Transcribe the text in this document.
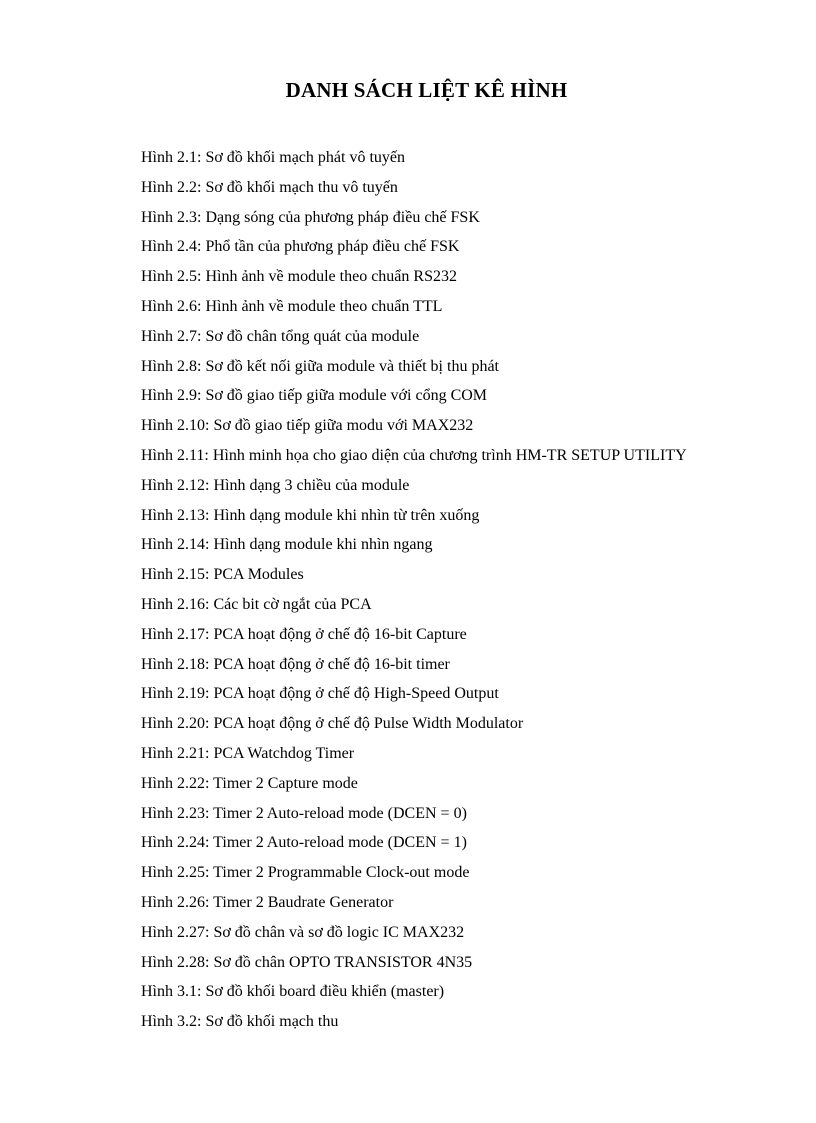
DANH SÁCH LIỆT KÊ HÌNH
Hình 2.1: Sơ đồ khối mạch phát vô tuyến
Hình 2.2: Sơ đồ khối mạch thu vô tuyến
Hình 2.3: Dạng sóng của phương pháp điều chế FSK
Hình 2.4: Phổ tần của phương pháp điều chế FSK
Hình 2.5: Hình ảnh về module theo chuẩn RS232
Hình 2.6: Hình ảnh về module theo chuẩn TTL
Hình 2.7: Sơ đồ chân tổng quát của module
Hình 2.8: Sơ đồ kết nối giữa module và thiết bị thu phát
Hình 2.9: Sơ đồ giao tiếp giữa module với cổng COM
Hình 2.10: Sơ đồ giao tiếp giữa modu với MAX232
Hình 2.11: Hình minh họa cho giao diện của chương trình HM-TR SETUP UTILITY
Hình 2.12: Hình dạng 3 chiều của module
Hình 2.13: Hình dạng module khi nhìn từ trên xuống
Hình 2.14: Hình dạng module khi nhìn ngang
Hình 2.15: PCA Modules
Hình 2.16: Các bit cờ ngắt của PCA
Hình 2.17: PCA hoạt động ở chế độ 16-bit Capture
Hình 2.18: PCA hoạt động ở chế độ 16-bit timer
Hình 2.19: PCA hoạt động ở chế độ High-Speed Output
Hình 2.20: PCA hoạt động ở chế độ Pulse Width Modulator
Hình 2.21: PCA Watchdog Timer
Hình 2.22: Timer 2 Capture mode
Hình 2.23: Timer 2 Auto-reload mode (DCEN = 0)
Hình 2.24: Timer 2 Auto-reload mode (DCEN = 1)
Hình 2.25: Timer 2 Programmable Clock-out mode
Hình 2.26: Timer 2 Baudrate Generator
Hình 2.27: Sơ đồ chân và sơ đồ logic IC MAX232
Hình 2.28: Sơ đồ chân OPTO TRANSISTOR 4N35
Hình 3.1: Sơ đồ khối board điều khiển (master)
Hình 3.2: Sơ đồ khối mạch thu
